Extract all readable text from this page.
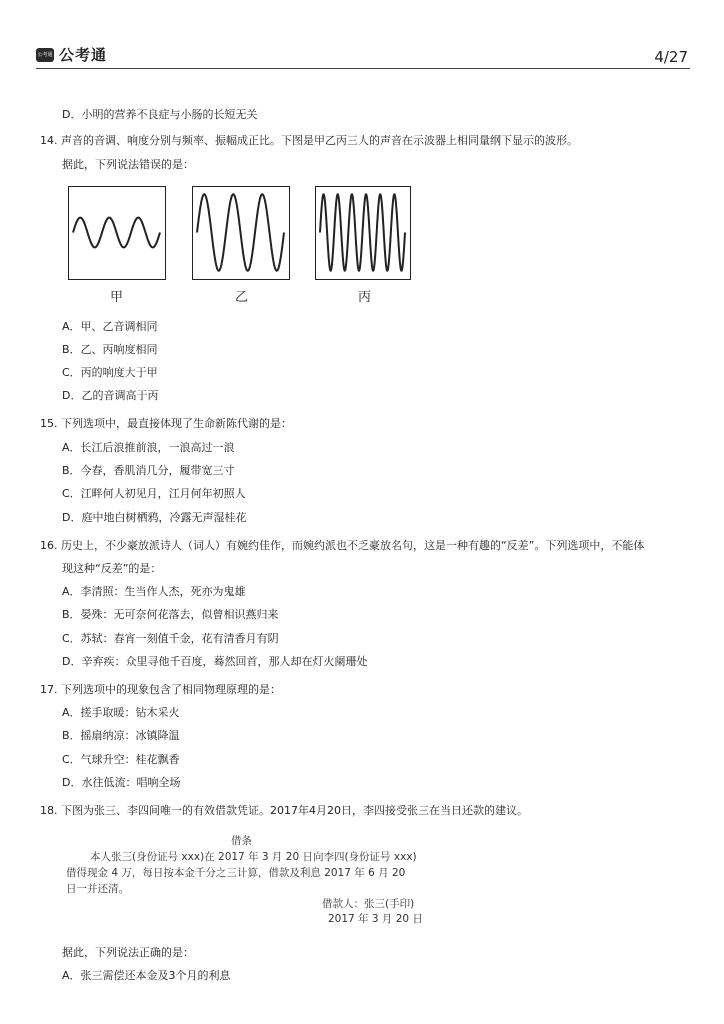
公考通 公考通	4/27
D．小明的营养不良症与小肠的长短无关
14. 声音的音调、响度分别与频率、振幅成正比。下图是甲乙丙三人的声音在示波器上相同量纲下显示的波形。
据此，下列说法错误的是：
甲	乙	丙
A．甲、乙音调相同
B．乙、丙响度相同
C．丙的响度大于甲
D．乙的音调高于丙
15. 下列选项中，最直接体现了生命新陈代谢的是：
A．长江后浪推前浪，一浪高过一浪
B．今春，香肌消几分，履带宽三寸
C．江畔何人初见月，江月何年初照人
D．庭中地白树栖鸦，冷露无声湿桂花
16. 历史上，不少豪放派诗人（词人）有婉约佳作，而婉约派也不乏豪放名句，这是一种有趣的“反差”。下列选项中，不能体
现这种“反差”的是：
A．李清照：生当作人杰，死亦为鬼雄
B．晏殊：无可奈何花落去，似曾相识燕归来
C．苏轼：春宵一刻值千金，花有清香月有阴
D．辛弃疾：众里寻他千百度，蓦然回首，那人却在灯火阑珊处
17. 下列选项中的现象包含了相同物理原理的是：
A．搓手取暖：钻木采火
B．摇扇纳凉：冰镇降温
C．气球升空：桂花飘香
D．水往低流：唱响全场
18. 下图为张三、李四间唯一的有效借款凭证。2017年4月20日，李四接受张三在当日还款的建议。
借条
本人张三(身份证号 xxx)在 2017 年 3 月 20 日向李四(身份证号 xxx)
借得现金 4 万，每日按本金千分之三计算，借款及利息 2017 年 6 月 20
日一并还清。
借款人：张三(手印)
2017 年 3 月 20 日
据此，下列说法正确的是：
A．张三需偿还本金及3个月的利息
